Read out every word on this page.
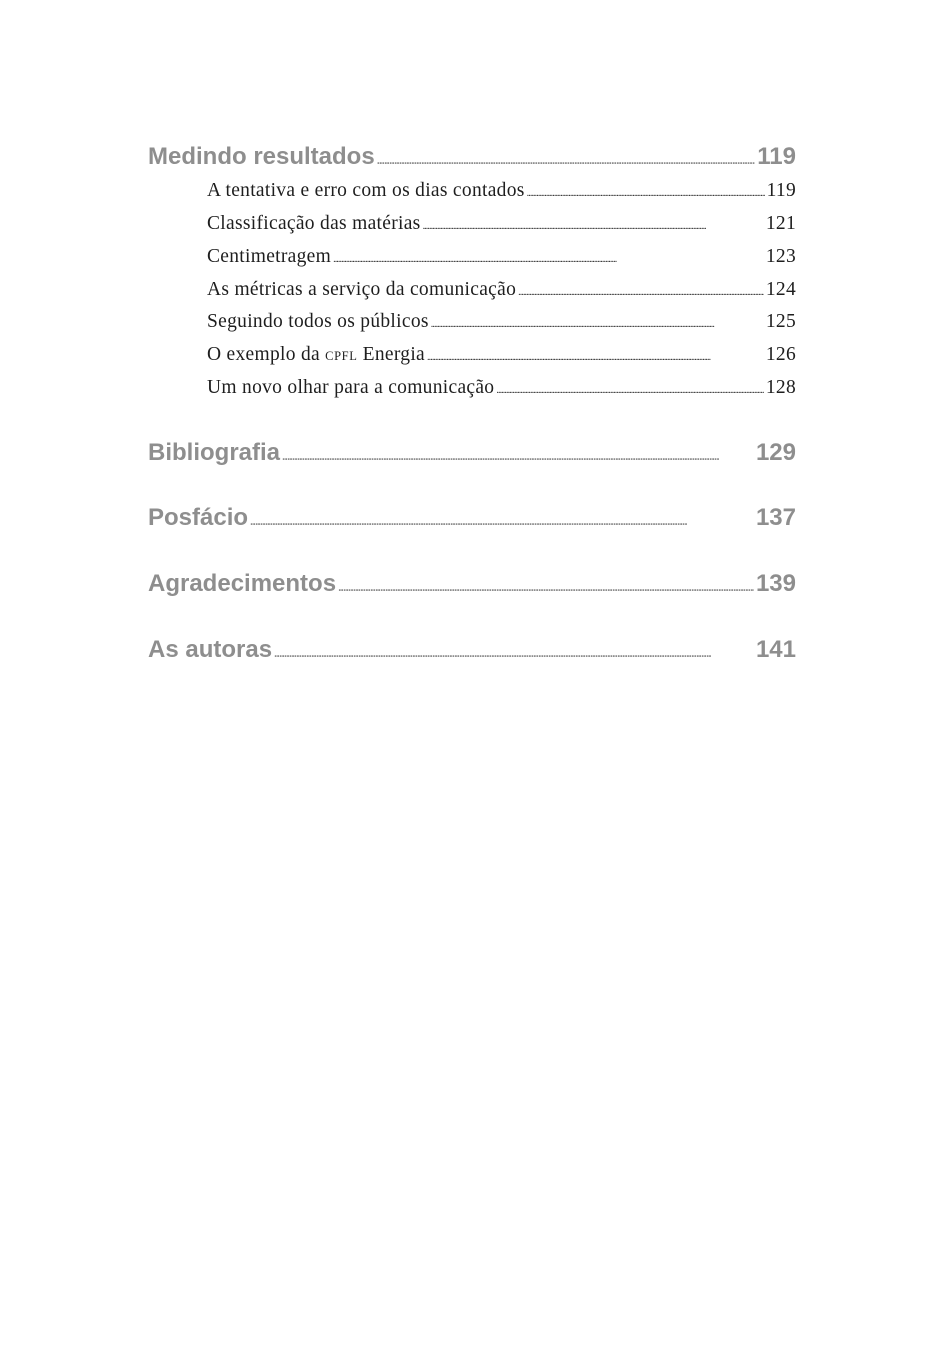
Medindo resultados . . .	119
A tentativa e erro com os dias contados . . .	119
Classificação das matérias . . .	121
Centimetragem . . .	123
As métricas a serviço da comunicação . . .	124
Seguindo todos os públicos . . .	125
O exemplo da CPFL Energia . . .	126
Um novo olhar para a comunicação . . .	128
Bibliografia . . .	129
Posfácio . . .	137
Agradecimentos . . .	139
As autoras . . .	141
